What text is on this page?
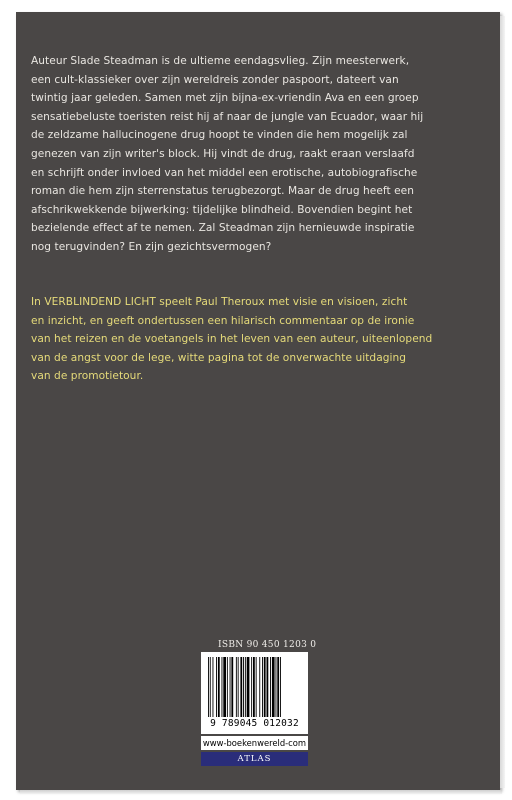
Auteur Slade Steadman is de ultieme eendagsvlieg. Zijn meesterwerk,
een cult-klassieker over zijn wereldreis zonder paspoort, dateert van
twintig jaar geleden. Samen met zijn bijna-ex-vriendin Ava en een groep
sensatiebeluste toeristen reist hij af naar de jungle van Ecuador, waar hij
de zeldzame hallucinogene drug hoopt te vinden die hem mogelijk zal
genezen van zijn writer's block. Hij vindt de drug, raakt eraan verslaafd
en schrijft onder invloed van het middel een erotische, autobiografische
roman die hem zijn sterrenstatus terugbezorgt. Maar de drug heeft een
afschrikwekkende bijwerking: tijdelijke blindheid. Bovendien begint het
bezielende effect af te nemen. Zal Steadman zijn hernieuwde inspiratie
nog terugvinden? En zijn gezichtsvermogen?

In VERBLINDEND LICHT speelt Paul Theroux met visie en visioen, zicht
en inzicht, en geeft ondertussen een hilarisch commentaar op de ironie
van het reizen en de voetangels in het leven van een auteur, uiteenlopend
van de angst voor de lege, witte pagina tot de onverwachte uitdaging
van de promotietour.

ISBN 90 450 1203 0
9 789045 012032
www-boekenwereld-com
ATLAS
